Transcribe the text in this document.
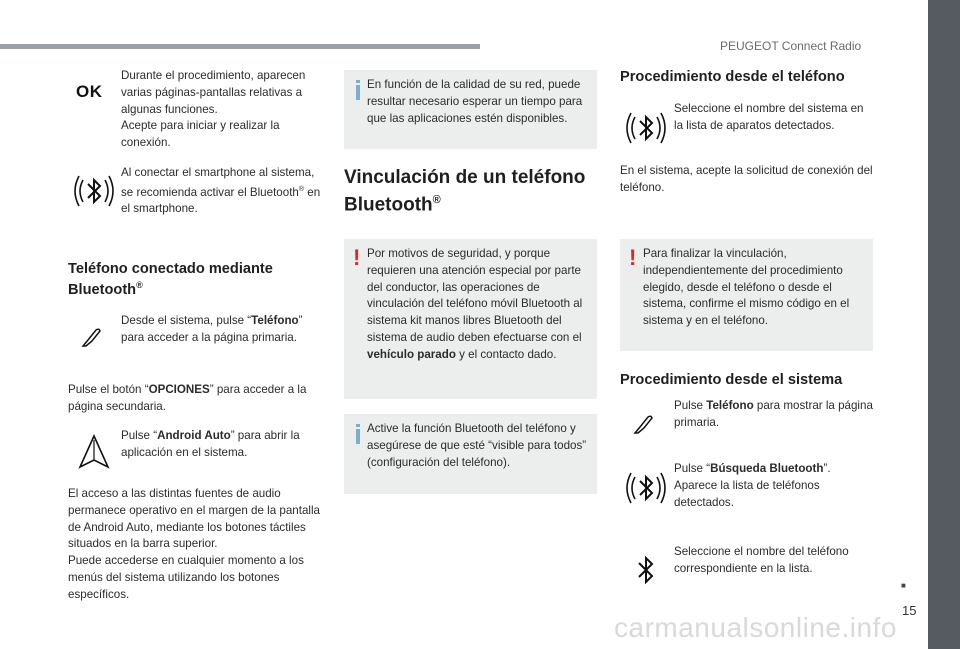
PEUGEOT Connect Radio
OK
Durante el procedimiento, aparecen varias páginas-pantallas relativas a algunas funciones.
Acepte para iniciar y realizar la conexión.
Al conectar el smartphone al sistema, se recomienda activar el Bluetooth® en el smartphone.
Teléfono conectado mediante
Bluetooth®
Desde el sistema, pulse “Teléfono” para acceder a la página primaria.
Pulse el botón “OPCIONES” para acceder a la página secundaria.
Pulse “Android Auto” para abrir la aplicación en el sistema.
El acceso a las distintas fuentes de audio permanece operativo en el margen de la pantalla de Android Auto, mediante los botones táctiles situados en la barra superior.
Puede accederse en cualquier momento a los menús del sistema utilizando los botones específicos.
En función de la calidad de su red, puede resultar necesario esperar un tiempo para que las aplicaciones estén disponibles.
Vinculación de un teléfono
Bluetooth®
! Por motivos de seguridad, y porque requieren una atención especial por parte del conductor, las operaciones de vinculación del teléfono móvil Bluetooth al sistema kit manos libres Bluetooth del sistema de audio deben efectuarse con el vehículo parado y el contacto dado.
Active la función Bluetooth del teléfono y asegúrese de que esté “visible para todos” (configuración del teléfono).
Procedimiento desde el teléfono
Seleccione el nombre del sistema en la lista de aparatos detectados.
En el sistema, acepte la solicitud de conexión del teléfono.
! Para finalizar la vinculación, independientemente del procedimiento elegido, desde el teléfono o desde el sistema, confirme el mismo código en el sistema y en el teléfono.
Procedimiento desde el sistema
Pulse Teléfono para mostrar la página primaria.
Pulse “Búsqueda Bluetooth”. Aparece la lista de teléfonos detectados.
Seleccione el nombre del teléfono correspondiente en la lista.
■
15
carmanualsonline.info
